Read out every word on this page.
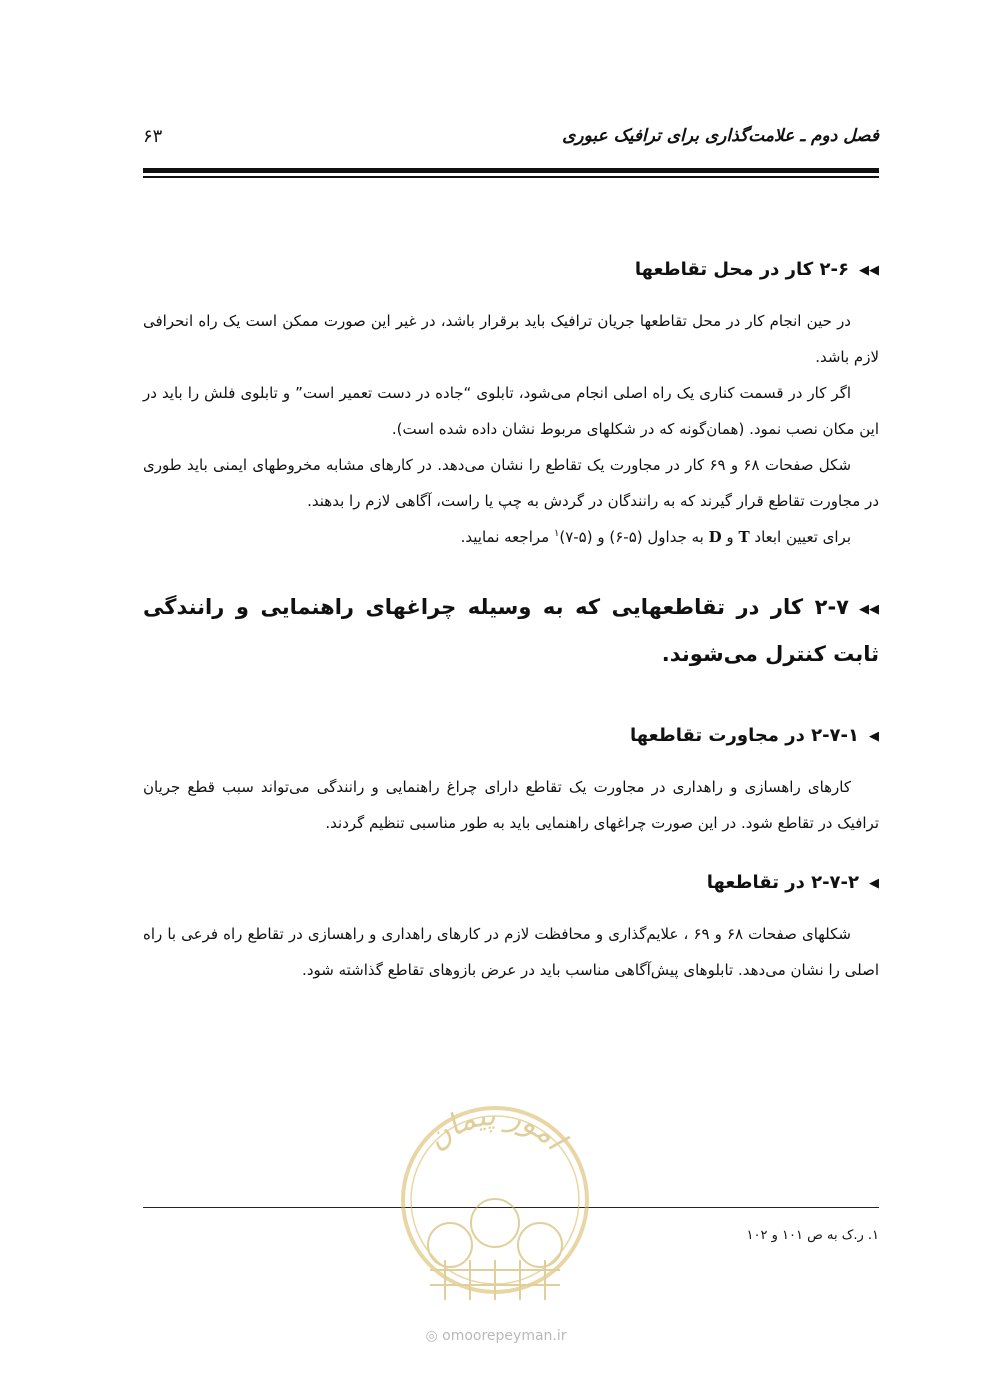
فصل دوم ـ علامت‌گذاری برای ترافیک عبوری
۶۳
◀◀۲-۶ کار در محل تقاطعها

در حین انجام کار در محل تقاطعها جریان ترافیک باید برقرار باشد، در غیر این صورت ممکن است یک راه انحرافی لازم باشد.

اگر کار در قسمت کناری یک راه اصلی انجام می‌شود، تابلوی “جاده در دست تعمیر است” و تابلوی فلش را باید در این مکان نصب نمود. (همان‌گونه که در شکلهای مربوط نشان داده شده است).

شکل صفحات ۶۸ و ۶۹ کار در مجاورت یک تقاطع را نشان می‌دهد. در کارهای مشابه مخروطهای ایمنی باید طوری در مجاورت تقاطع قرار گیرند که به رانندگان در گردش به چپ یا راست، آگاهی لازم را بدهند.

برای تعیین ابعاد T و D به جداول (۵-۶) و (۵-۷)$^۱$ مراجعه نمایید.

◀◀۲-۷ کار در تقاطعهایی که به وسیله چراغهای راهنمایی و رانندگی ثابت کنترل می‌شوند.
◀۲-۷-۱ در مجاورت تقاطعها

کارهای راهسازی و راهداری در مجاورت یک تقاطع دارای چراغ راهنمایی و رانندگی می‌تواند سبب قطع جریان ترافیک در تقاطع شود. در این صورت چراغهای راهنمایی باید به طور مناسبی تنظیم گردند.

◀۲-۷-۲ در تقاطعها

شکلهای صفحات ۶۸ و ۶۹ ، علایم‌گذاری و محافظت لازم در کارهای راهداری و راهسازی در تقاطع راه فرعی با راه اصلی را نشان می‌دهد. تابلوهای پیش‌آگاهی مناسب باید در عرض بازوهای تقاطع گذاشته شود.

۱. ر.ک به ص ۱۰۱ و ۱۰۲
امور پیمان
◎ omoorepeyman.ir
